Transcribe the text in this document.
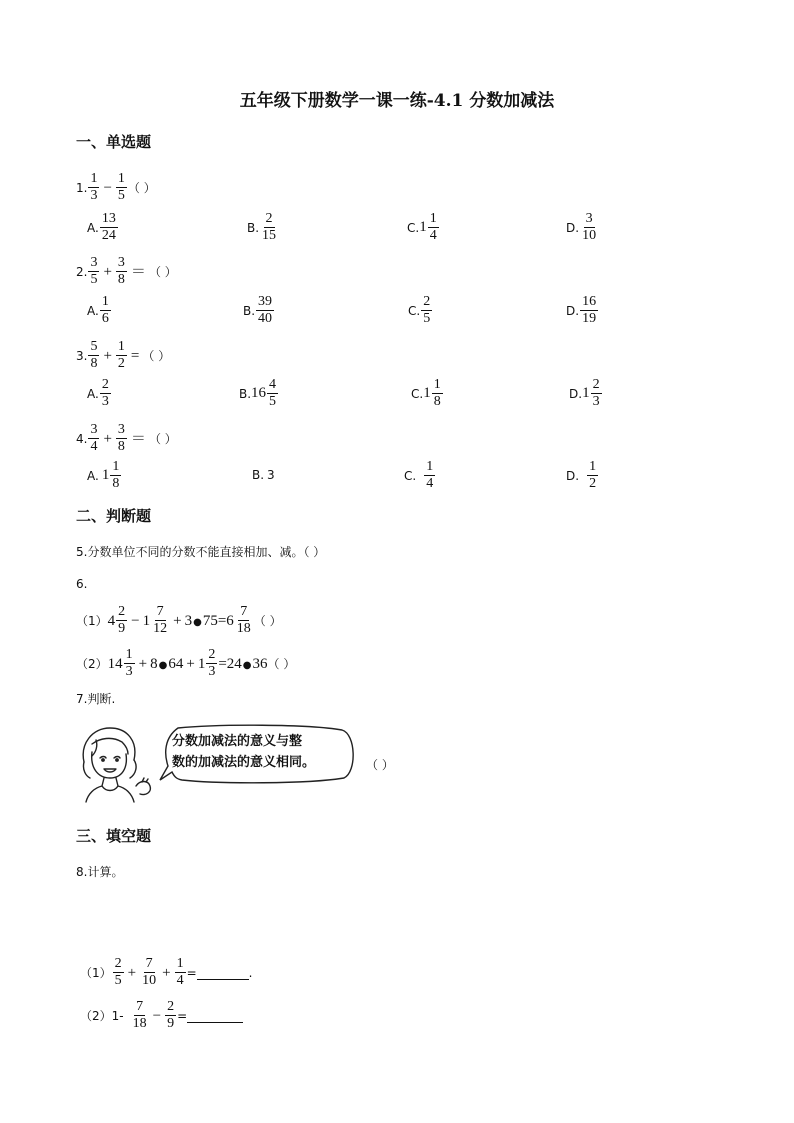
五年级下册数学一课一练-4.1 分数加减法
一、单选题
1. $\frac{1}{3} - \frac{1}{5}$ （ ）
A. $\frac{13}{24}$	B. $\frac{2}{15}$	C. $1 \frac{1}{4}$	D. $\frac{3}{10}$
2. $\frac{3}{5} + \frac{3}{8}$ ＝ （ ）
A. $\frac{1}{6}$	B. $\frac{39}{40}$	C. $\frac{2}{5}$	D. $\frac{16}{19}$
3. $\frac{5}{8} + \frac{1}{2}$ = （ ）
A. $\frac{2}{3}$	B. $16 \frac{4}{5}$	C. $1 \frac{1}{8}$	D. $1 \frac{2}{3}$
4. $\frac{3}{4} + \frac{3}{8}$ ＝ （ ）
A. $1 \frac{1}{8}$	B. 3	C. $\frac{1}{4}$	D. $\frac{1}{2}$
二、判断题
5.分数单位不同的分数不能直接相加、减。（ ）
6.
（1） $4 \frac{2}{9} - 1 \frac{7}{12} + 3$ ● $75 = 6 \frac{7}{18}$ （ ）
（2） $14 \frac{1}{3} + 8$ ● $64 + 1 \frac{2}{3} = 24$ ● 36 （ ）
7.判断.
分数加减法的意义与整
数的加减法的意义相同。	（ ）
三、填空题
8.计算。
$(1) \frac{2}{5} + \frac{7}{10} + \frac{1}{4}$ =	.
（2） $1- \frac{7}{18} - \frac{2}{9}$ =
